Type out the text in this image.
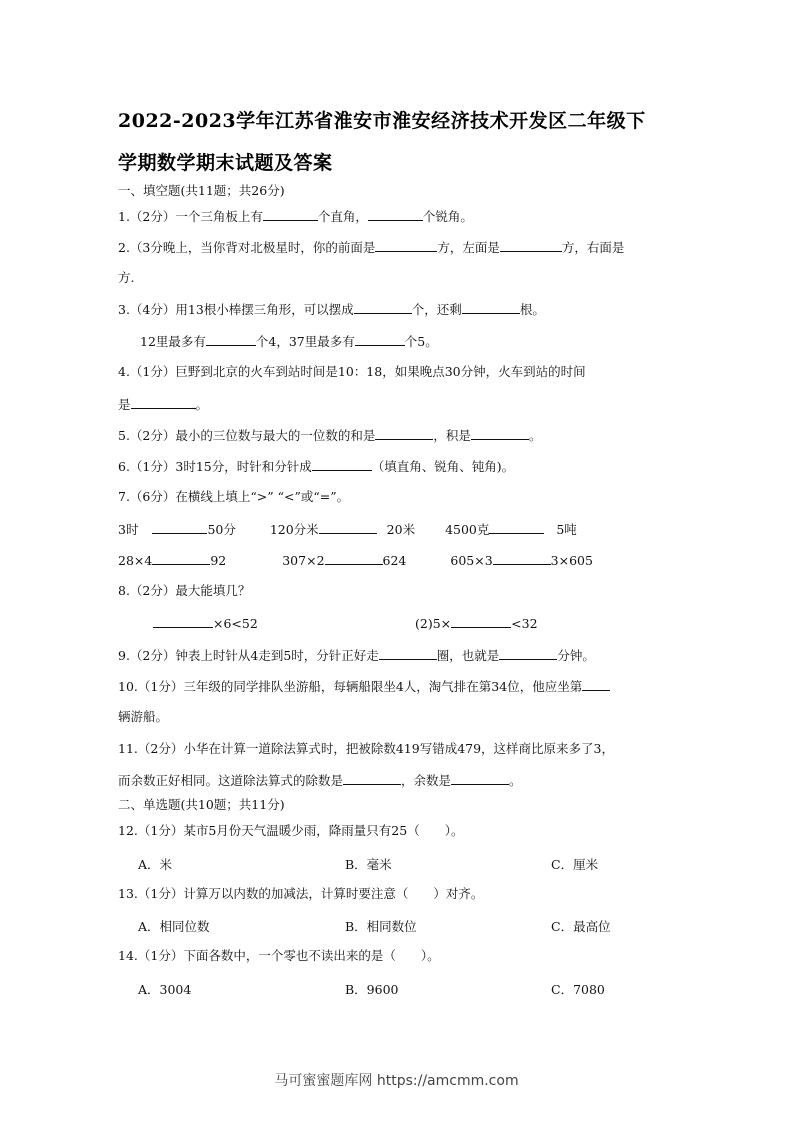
2022-2023学年江苏省淮安市淮安经济技术开发区二年级下
学期数学期末试题及答案
一、填空题(共11题；共26分)
1.（2分）一个三角板上有	个直角，	个锐角。
2.（3分晚上，当你背对北极星时，你的前面是	方，左面是	方，右面是
方.
3.（4分）用13根小棒摆三角形，可以摆成	个，还剩	根。
12里最多有	个4，37里最多有	个5。
4.（1分）巨野到北京的火车到站时间是10：18，如果晚点30分钟，火车到站的时间
是	。
5.（2分）最小的三位数与最大的一位数的和是	，积是	。
6.（1分）3时15分，时针和分针成	（填直角、锐角、钝角)。
7.（6分）在横线上填上“>” “<”或“=”。
3时	50分	120分米	20米 4500克	5吨
28×4	92	307×2	624	605×3	3×605
8.（2分）最大能填几？
×6<52	(2)5×	<32
9.（2分）钟表上时针从4走到5时，分针正好走	圈，也就是	分钟。
10.（1分）三年级的同学排队坐游船，每辆船限坐4人，淘气排在第34位，他应坐第
辆游船。
11.（2分）小华在计算一道除法算式时，把被除数419写错成479，这样商比原来多了3，
而余数正好相同。这道除法算式的除数是	，余数是	。
二、单选题(共10题；共11分)
12.（1分）某市5月份天气温暖少雨，降雨量只有25（　　）。
A．米	B．毫米	C．厘米
13.（1分）计算万以内数的加减法，计算时要注意（　　）对齐。
A．相同位数	B．相同数位	C．最高位
14.（1分）下面各数中，一个零也不读出来的是（　　）。
A．3004	B．9600	C．7080
马可蜜蜜题库网 https://amcmm.com
